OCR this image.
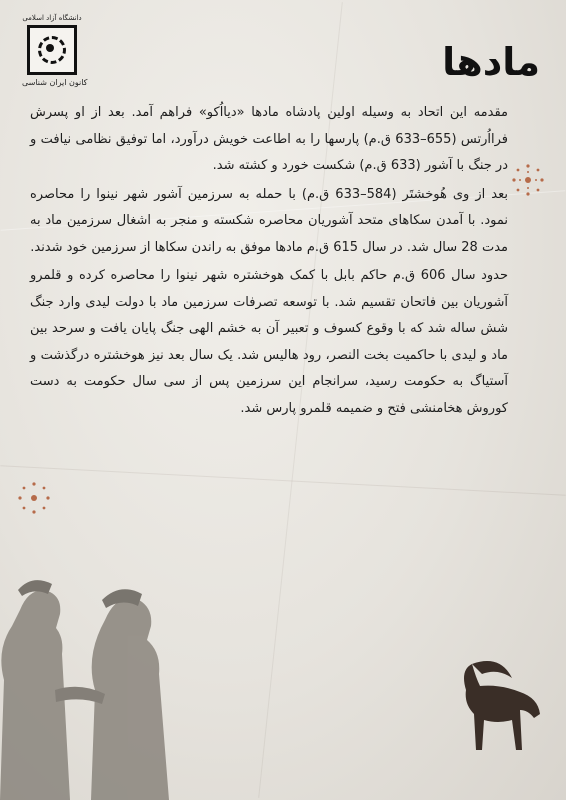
دانشگاه آزاد اسلامی
کانون ایران شناسی	مادها

مقدمه این اتحاد به وسیله اولین پادشاه مادها «دیااُکو» فراهم آمد. بعد از او پسرش فرااُرتس (655–633 ق.م) پارسها را به اطاعت خویش درآورد، اما توفیق نظامی نیافت و در جنگ با آشور (633 ق.م) شکست خورد و کشته شد.

بعد از وی هُوخشتَر (584–633 ق.م) با حمله به سرزمین آشور شهر نینوا را محاصره نمود. با آمدن سکاهای متحد آشوریان محاصره شکسته و منجر به اشغال سرزمین ماد به مدت 28 سال شد. در سال 615 ق.م مادها موفق به راندن سکاها از سرزمین خود شدند.

حدود سال 606 ق.م حاکم بابل با کمک هوخشتره شهر نینوا را محاصره کرده و قلمرو آشوریان بین فاتحان تقسیم شد. با توسعه تصرفات سرزمین ماد با دولت لیدی وارد جنگ شش ساله شد که با وقوع کسوف و تعبیر آن به خشم الهی جنگ پایان یافت و سرحد بین ماد و لیدی با حاکمیت بخت النصر، رود هالیس شد. یک سال بعد نیز هوخشتره درگذشت و آستیاگ به حکومت رسید، سرانجام این سرزمین پس از سی سال حکومت به دست کوروش هخامنشی فتح و ضمیمه قلمرو پارس شد.
